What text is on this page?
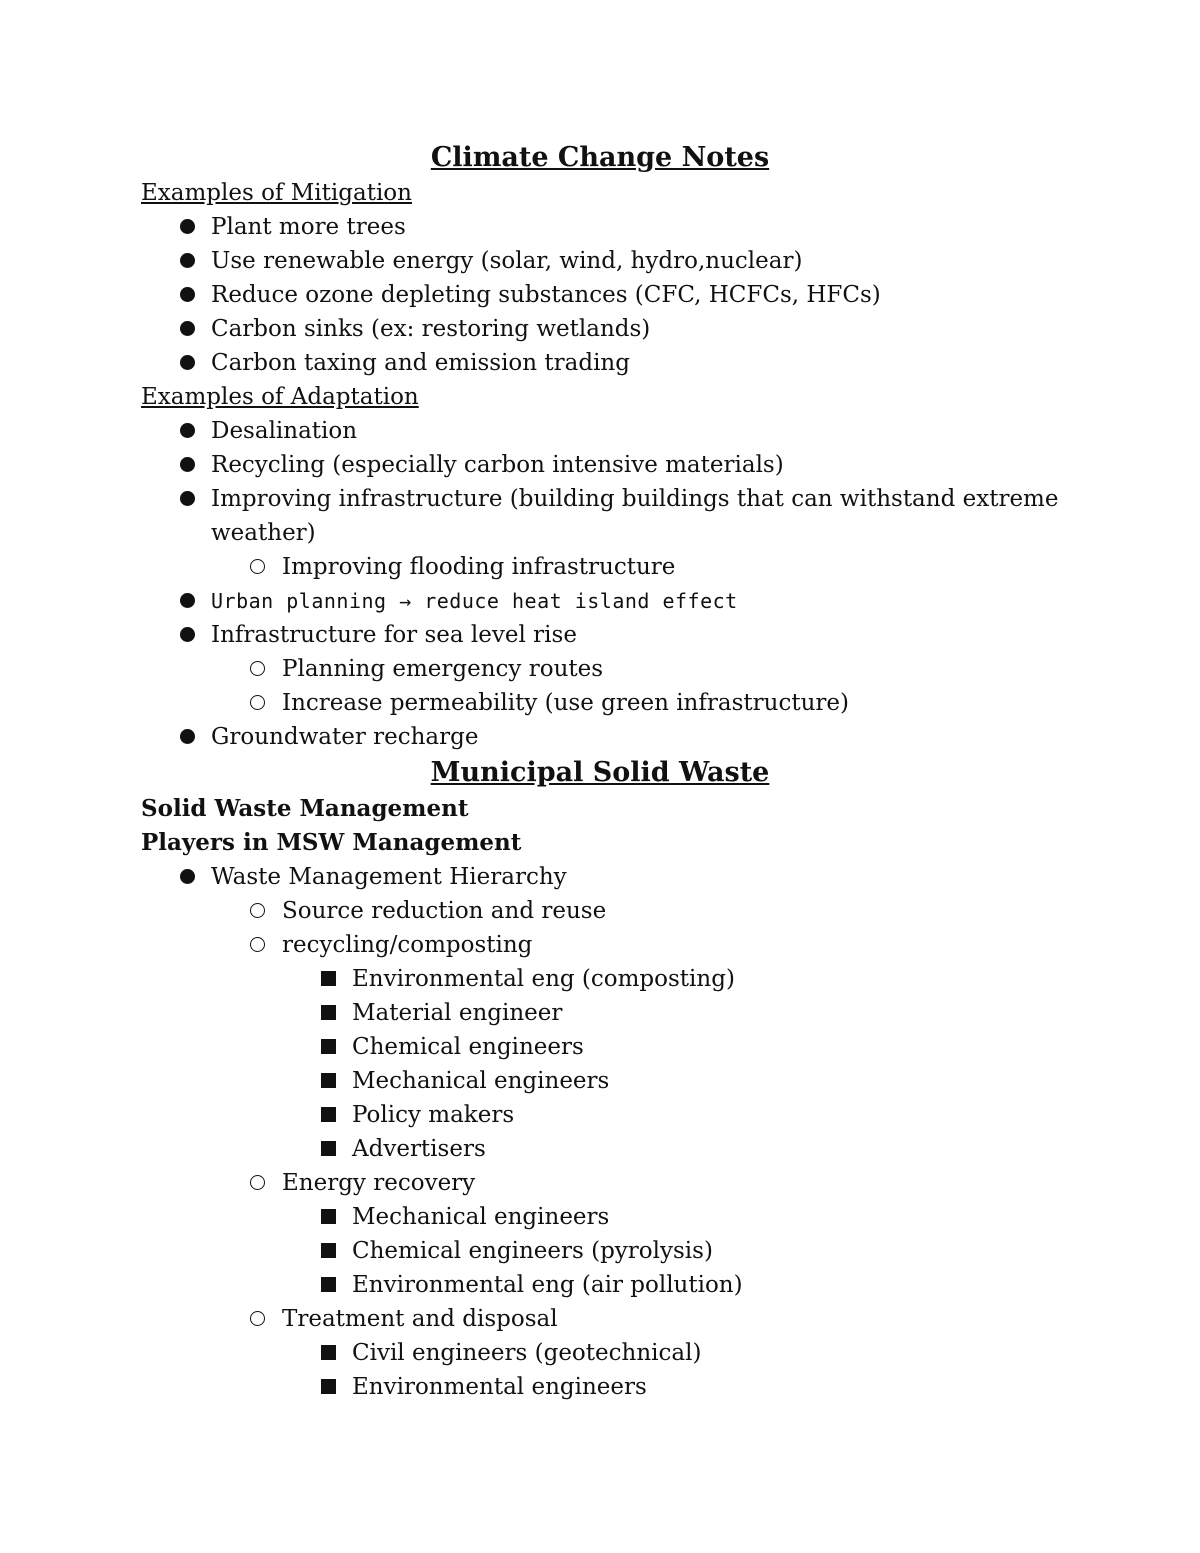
Climate Change Notes
Examples of Mitigation
Plant more trees
Use renewable energy (solar, wind, hydro,nuclear)
Reduce ozone depleting substances (CFC, HCFCs, HFCs)
Carbon sinks (ex: restoring wetlands)
Carbon taxing and emission trading
Examples of Adaptation
Desalination
Recycling (especially carbon intensive materials)
Improving infrastructure (building buildings that can withstand extreme
weather)
Improving flooding infrastructure
Urban planning → reduce heat island effect
Infrastructure for sea level rise
Planning emergency routes
Increase permeability (use green infrastructure)
Groundwater recharge
Municipal Solid Waste
Solid Waste Management
Players in MSW Management
Waste Management Hierarchy
Source reduction and reuse
recycling/composting
Environmental eng (composting)
Material engineer
Chemical engineers
Mechanical engineers
Policy makers
Advertisers
Energy recovery
Mechanical engineers
Chemical engineers (pyrolysis)
Environmental eng (air pollution)
Treatment and disposal
Civil engineers (geotechnical)
Environmental engineers
